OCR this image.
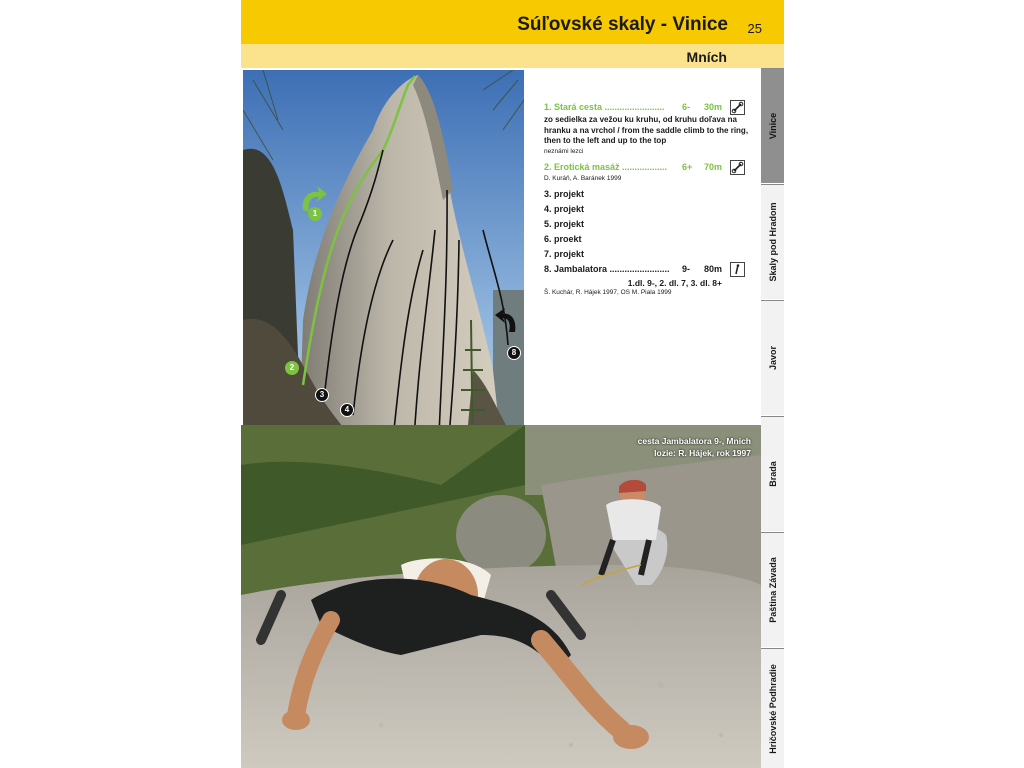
Súľovské skaly - Vinice 25
Mních
1
2
3
4
8
1. Stará cesta ........................ 6- 30m
zo sedielka za vežou ku kruhu, od kruhu doľava na hranku a na vrchol / from the saddle climb to the ring, then to the left and up to the top
neznámi lezci
2. Erotická masáž .................. 6+ 70m
D. Kuráň, A. Baránek 1999
3. projekt
4. projekt
5. projekt
6. proekt
7. projekt
8. Jambalatora ........................ 9- 80m
1.dl. 9-, 2. dl. 7, 3. dl. 8+
Š. Kuchár, R. Hájek 1997, OS M. Piala 1999
cesta Jambalatora 9-, Mních
lozie: R. Hájek, rok 1997
Vinice
Skaly pod Hradom
Javor
Brada
Paština Závada
Hričovské Podhradie
